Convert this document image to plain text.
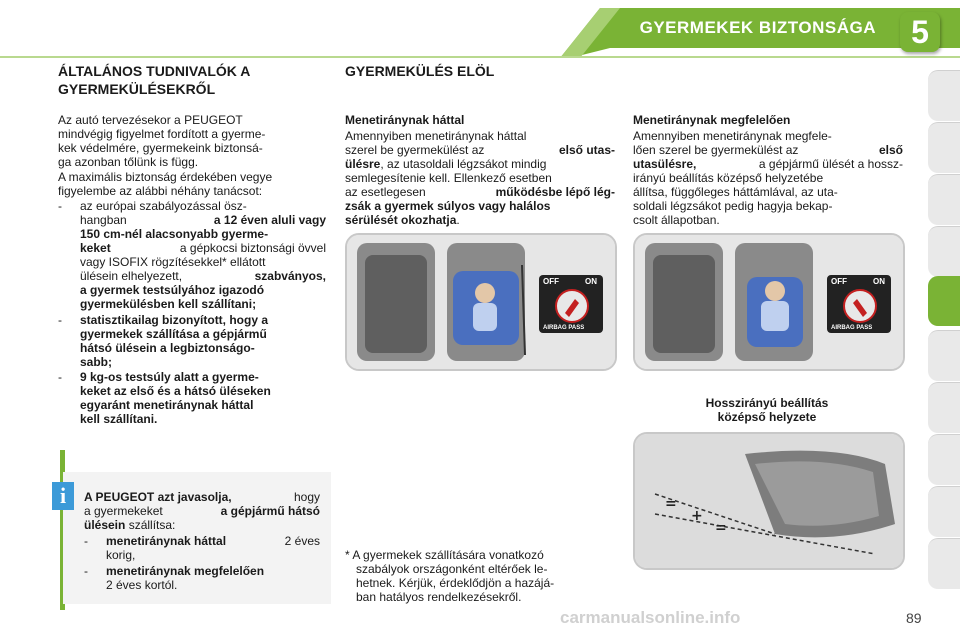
GYERMEKEK BIZTONSÁGA	5
ÁLTALÁNOS TUDNIVALÓK A
GYERMEKÜLÉSEKRŐL
Az autó tervezésekor a PEUGEOT
mindvégig figyelmet fordított a gyerme-
kek védelmére, gyermekeink biztonsá-
ga azonban tőlünk is függ.
A maximális biztonság érdekében vegye
figyelembe az alábbi néhány tanácsot:
- az európai szabályozással ösz-
hangban	a 12 éven aluli vagy
150 cm-nél alacsonyabb gyerme-
keket	a gépkocsi biztonsági övvel
vagy ISOFIX rögzítésekkel* ellátott
ülésein elhelyezett,	szabványos,
a gyermek testsúlyához igazodó
gyermekülésben kell szállítani;
- statisztikailag bizonyított, hogy a
gyermekek szállítása a gépjármű
hátsó ülésein a legbiztonságo-
sabb;
- 9 kg-os testsúly alatt a gyerme-
keket az első és a hátsó üléseken
egyaránt menetiránynak háttal
kell szállítani.
i	A PEUGEOT azt javasolja,	hogy
a gyermekeket	a gépjármű hátsó
ülésein szállítsa:
- menetiránynak háttal	2 éves
korig,
- menetiránynak megfelelően
2 éves kortól.
GYERMEKÜLÉS ELÖL
Menetiránynak háttal
Amennyiben menetiránynak háttal
szerel be gyermekülést az	első utas-
ülésre, az utasoldali légzsákot mindig
semlegesítenie kell. Ellenkező esetben
az esetlegesen	működésbe lépő lég-
zsák a gyermek súlyos vagy halálos
sérülését okozhatja.
OFF	ON
AIRBAG PASS
* A gyermekek szállítására vonatkozó
szabályok országonként eltérőek le-
hetnek. Kérjük, érdeklődjön a hazájá-
ban hatályos rendelkezésekről.
Menetiránynak megfelelően
Amennyiben menetiránynak megfele-
lően szerel be gyermekülést az	első
utasülésre,	a gépjármű ülését a hossz-
irányú beállítás középső helyzetébe
állítsa, függőleges háttámlával, az uta-
soldali légzsákot pedig hagyja bekap-
csolt állapotban.
OFF	ON
AIRBAG PASS
Hosszirányú beállítás
középső helyzete
=
+
=
carmanualsonline.info	89
